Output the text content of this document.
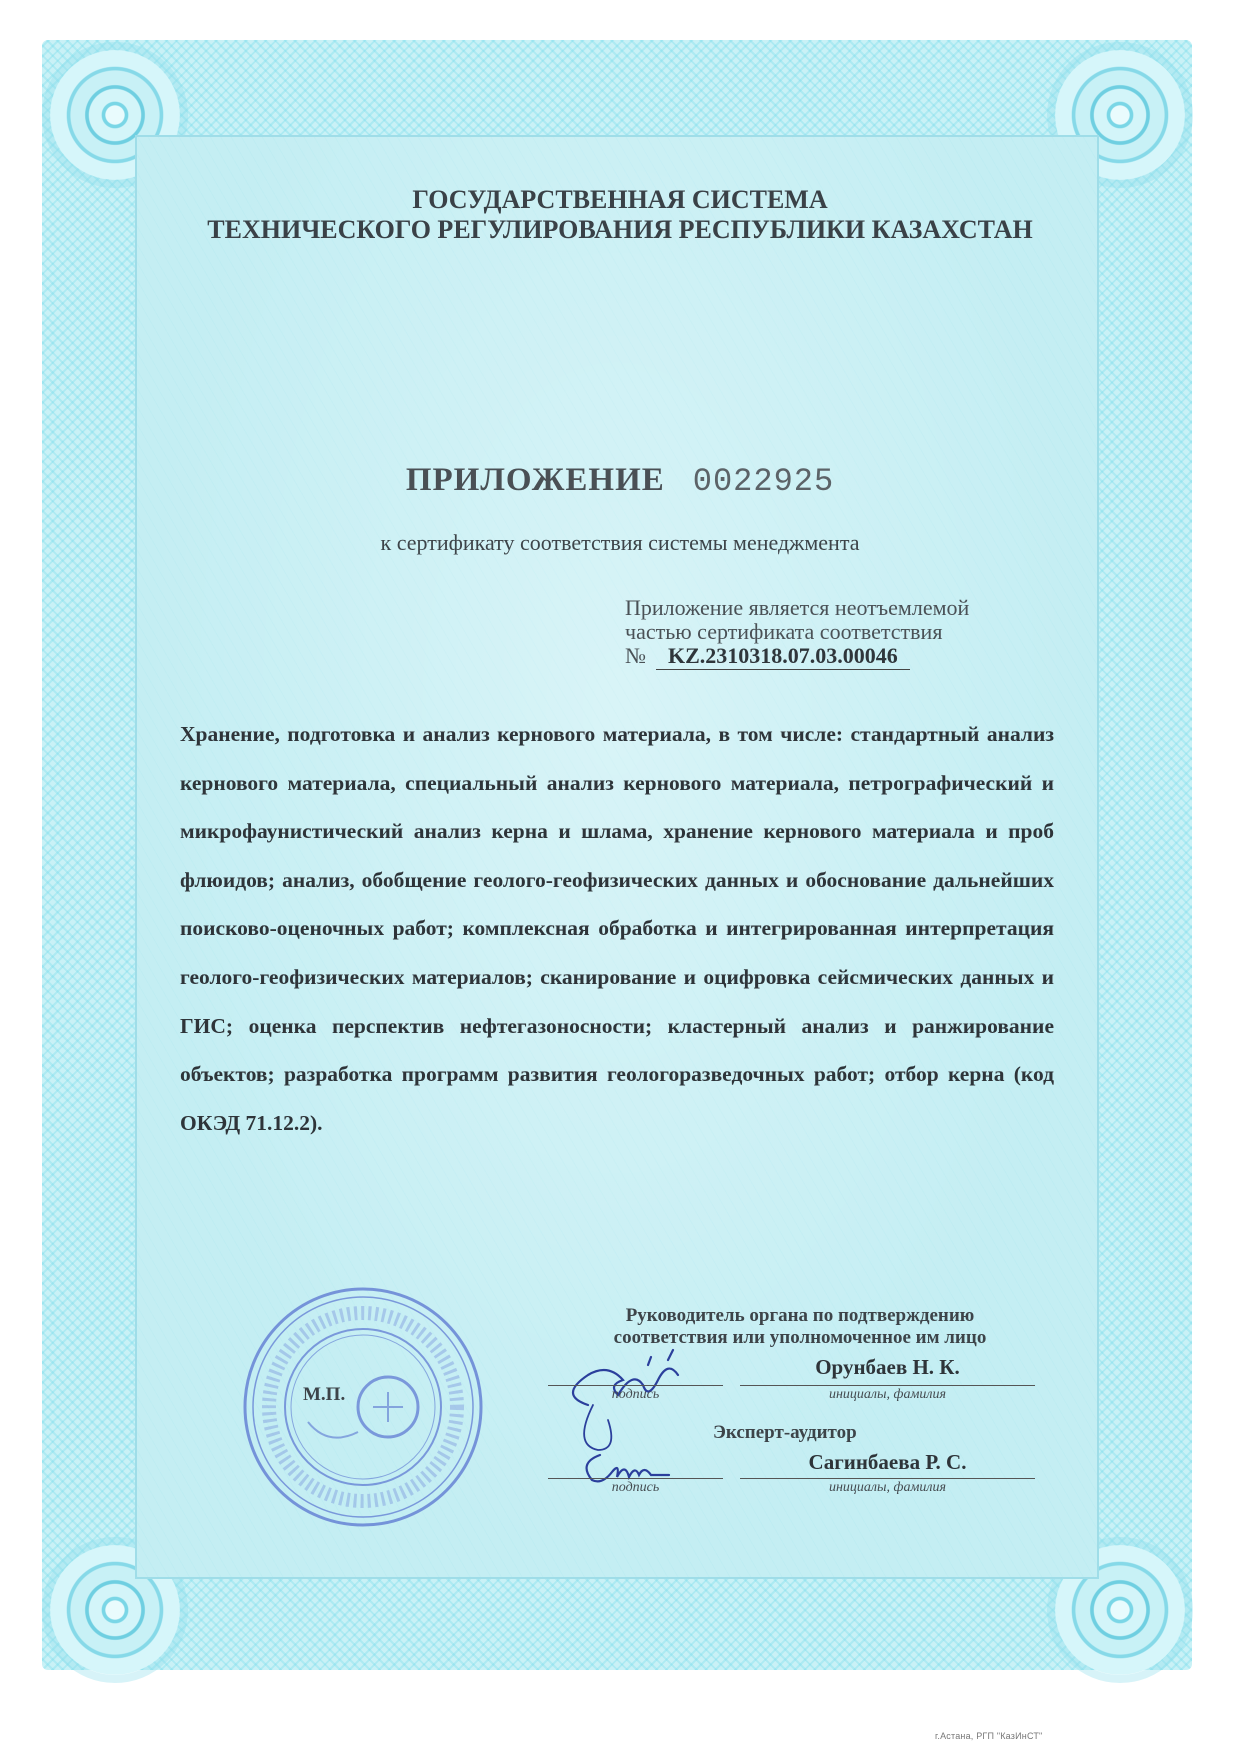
ГОСУДАРСТВЕННАЯ СИСТЕМА
ТЕХНИЧЕСКОГО РЕГУЛИРОВАНИЯ РЕСПУБЛИКИ КАЗАХСТАН
ПРИЛОЖЕНИЕ 0022925
к сертификату соответствия системы менеджмента
Приложение является неотъемлемой
частью сертификата соответствия
№ KZ.2310318.07.03.00046
Хранение, подготовка и анализ кернового материала, в том числе: стандартный анализ кернового материала, специальный анализ кернового материала, петрографический и микрофаунистический анализ керна и шлама, хранение кернового материала и проб флюидов; анализ, обобщение геолого-геофизических данных и обоснование дальнейших поисково-оценочных работ; комплексная обработка и интегрированная интерпретация геолого-геофизических материалов; сканирование и оцифровка сейсмических данных и ГИС; оценка перспектив нефтегазоносности; кластерный анализ и ранжирование объектов; разработка программ развития геологоразведочных работ; отбор керна (код ОКЭД 71.12.2).
М.П.
Руководитель органа по подтверждению
соответствия или уполномоченное им лицо
подпись
Орунбаев Н. К.
инициалы, фамилия
Эксперт-аудитор
подпись
Сагинбаева Р. С.
инициалы, фамилия
г.Астана, РГП "КазИнСТ"
